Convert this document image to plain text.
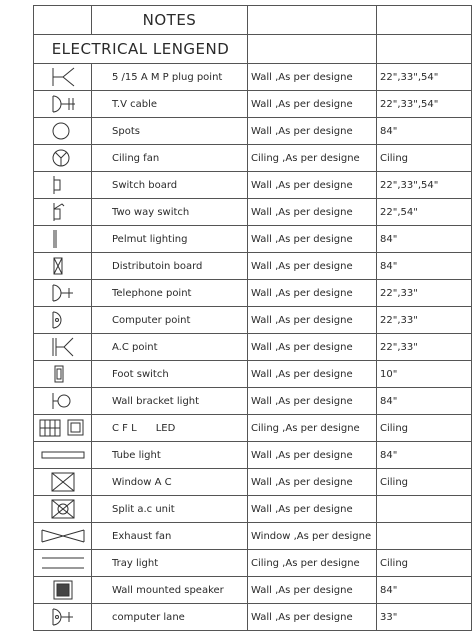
	NOTES		
ELECTRICAL LENGEND			

	5 /15 A M P plug point	Wall ,As per designe	22",33",54"

	T.V cable	Wall ,As per designe	22",33",54"

	Spots	Wall ,As per designe	84"

	Ciling fan	Ciling ,As per designe	Ciling

	Switch board	Wall ,As per designe	22",33",54"

	Two way switch	Wall ,As per designe	22",54"

	Pelmut lighting	Wall ,As per designe	84"

	Distributoin board	Wall ,As per designe	84"

	Telephone point	Wall ,As per designe	22",33"

	Computer point	Wall ,As per designe	22",33"

	A.C point	Wall ,As per designe	22",33"

	Foot switch	Wall ,As per designe	10"

	Wall bracket light	Wall ,As per designe	84"

	C F L      LED	Ciling ,As per designe	Ciling

	Tube light	Wall ,As per designe	84"

	Window A C	Wall ,As per designe	Ciling

	Split a.c unit	Wall ,As per designe	

	Exhaust fan	Window ,As per designe	

	Tray light	Ciling ,As per designe	Ciling

	Wall mounted speaker	Wall ,As per designe	84"

	computer lane	Wall ,As per designe	33"
